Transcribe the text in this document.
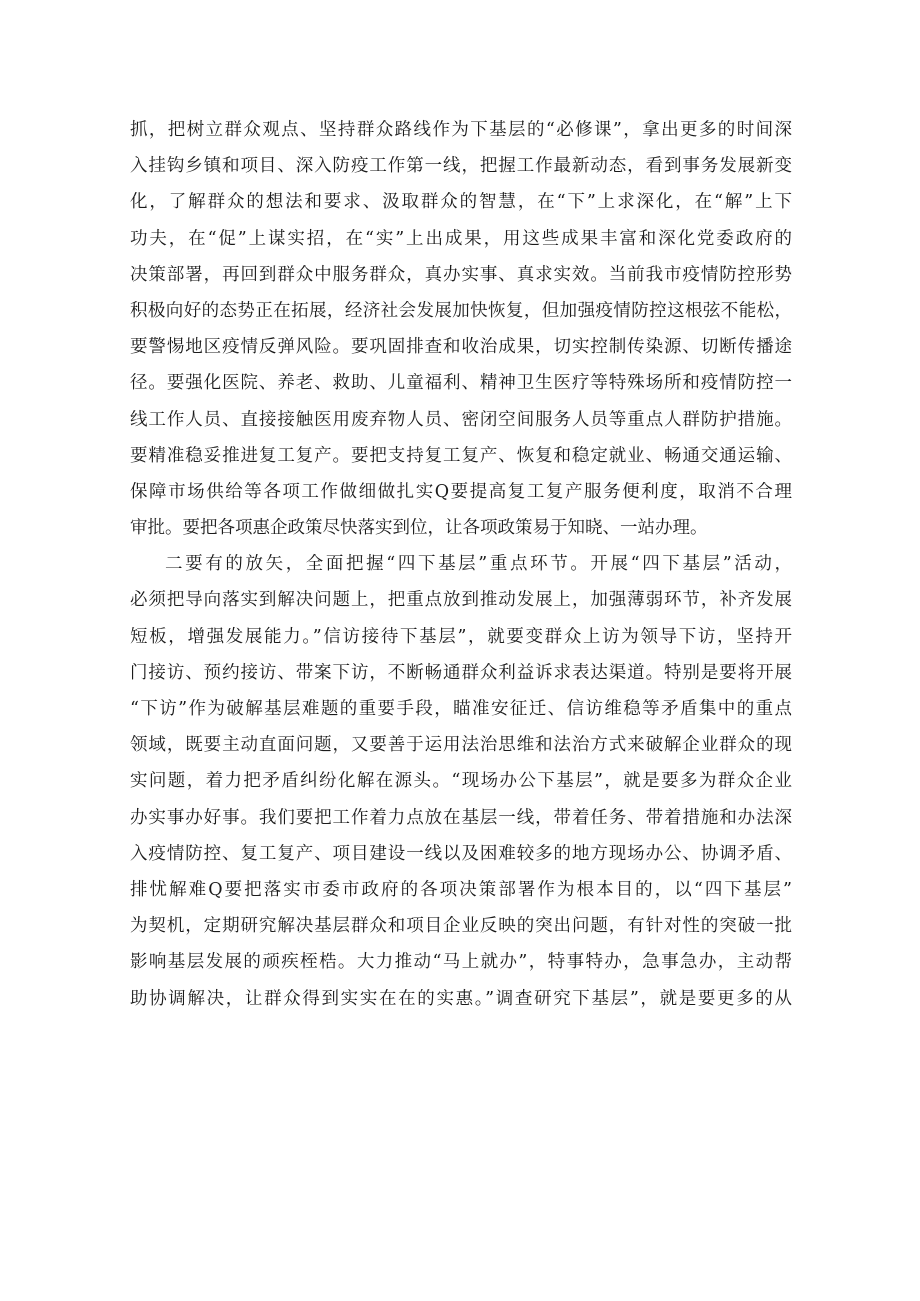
抓，把树立群众观点、坚持群众路线作为下基层的“必修课”，拿出更多的时间深
入挂钩乡镇和项目、深入防疫工作第一线，把握工作最新动态，看到事务发展新变
化，了解群众的想法和要求、汲取群众的智慧，在“下”上求深化，在“解”上下
功夫，在“促”上谋实招，在“实”上出成果，用这些成果丰富和深化党委政府的
决策部署，再回到群众中服务群众，真办实事、真求实效。当前我市疫情防控形势
积极向好的态势正在拓展，经济社会发展加快恢复，但加强疫情防控这根弦不能松，
要警惕地区疫情反弹风险。要巩固排查和收治成果，切实控制传染源、切断传播途
径。要强化医院、养老、救助、儿童福利、精神卫生医疗等特殊场所和疫情防控一
线工作人员、直接接触医用废弃物人员、密闭空间服务人员等重点人群防护措施。
要精准稳妥推进复工复产。要把支持复工复产、恢复和稳定就业、畅通交通运输、
保障市场供给等各项工作做细做扎实Q要提高复工复产服务便利度，取消不合理
审批。要把各项惠企政策尽快落实到位，让各项政策易于知晓、一站办理。
二要有的放矢，全面把握“四下基层”重点环节。开展“四下基层”活动，
必须把导向落实到解决问题上，把重点放到推动发展上，加强薄弱环节，补齐发展
短板，增强发展能力。”信访接待下基层”，就要变群众上访为领导下访，坚持开
门接访、预约接访、带案下访，不断畅通群众利益诉求表达渠道。特别是要将开展
“下访”作为破解基层难题的重要手段，瞄准安征迁、信访维稳等矛盾集中的重点
领域，既要主动直面问题，又要善于运用法治思维和法治方式来破解企业群众的现
实问题，着力把矛盾纠纷化解在源头。“现场办公下基层”，就是要多为群众企业
办实事办好事。我们要把工作着力点放在基层一线，带着任务、带着措施和办法深
入疫情防控、复工复产、项目建设一线以及困难较多的地方现场办公、协调矛盾、
排忧解难Q要把落实市委市政府的各项决策部署作为根本目的，以“四下基层”
为契机，定期研究解决基层群众和项目企业反映的突出问题，有针对性的突破一批
影响基层发展的顽疾桎梏。大力推动“马上就办”，特事特办，急事急办，主动帮
助协调解决，让群众得到实实在在的实惠。”调查研究下基层”，就是要更多的从
